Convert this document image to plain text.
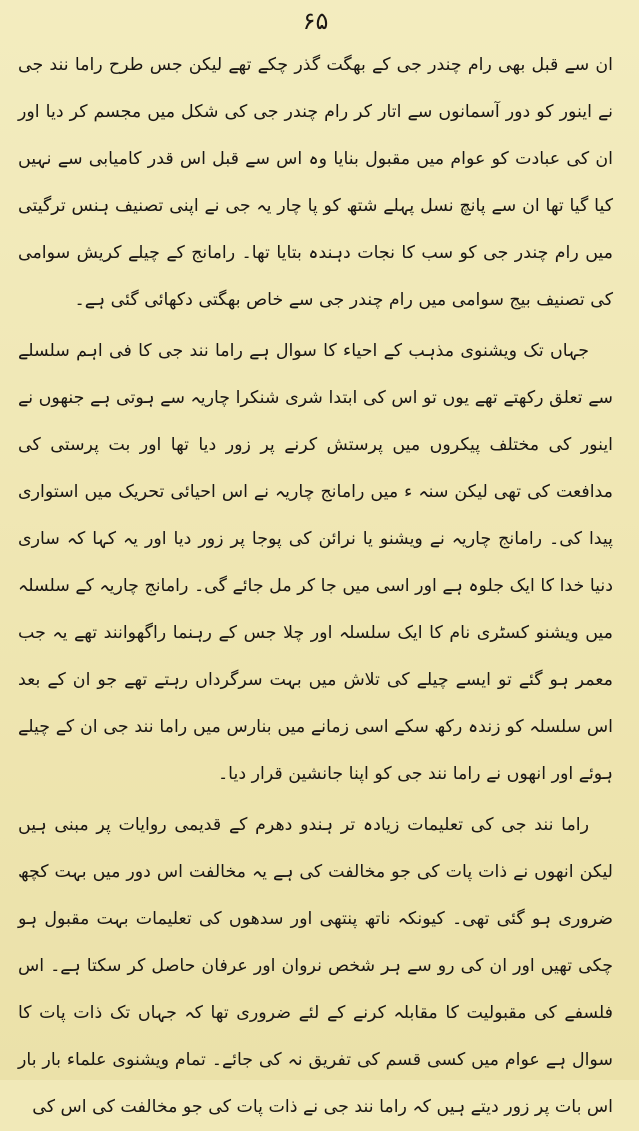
۶۵

ان سے قبل بھی رام چندر جی کے بھگت گذر چکے تھے لیکن جس طرح راما نند جی نے اینور کو دور آسمانوں سے اتار کر رام چندر جی کی شکل میں مجسم کر دیا اور ان کی عبادت کو عوام میں مقبول بنایا وہ اس سے قبل اس قدر کامیابی سے نہیں کیا گیا تھا ان سے پانچ نسل پہلے شتھ کو پا چار یہ جی نے اپنی تصنیف ہنس ترگیتی میں رام چندر جی کو سب کا نجات دہندہ بتایا تھا۔ رامانج کے چیلے کریش سوامی کی تصنیف بیج سوامی میں رام چندر جی سے خاص بھگتی دکھائی گئی ہے۔

جہاں تک ویشنوی مذہب کے احیاء کا سوال ہے راما نند جی کا فی اہم سلسلے سے تعلق رکھتے تھے یوں تو اس کی ابتدا شری شنکرا چاریہ سے ہوتی ہے جنھوں نے اینور کی مختلف پیکروں میں پرستش کرنے پر زور دیا تھا اور بت پرستی کی مدافعت کی تھی لیکن سنہ ء میں رامانج چاریہ نے اس احیائی تحریک میں استواری پیدا کی۔ رامانج چاریہ نے ویشنو یا نرائن کی پوجا پر زور دیا اور یہ کہا کہ ساری دنیا خدا کا ایک جلوہ ہے اور اسی میں جا کر مل جائے گی۔ رامانج چاریہ کے سلسلہ میں ویشنو کسٹری نام کا ایک سلسلہ اور چلا جس کے رہنما راگھوانند تھے یہ جب معمر ہو گئے تو ایسے چیلے کی تلاش میں بہت سرگرداں رہتے تھے جو ان کے بعد اس سلسلہ کو زندہ رکھ سکے اسی زمانے میں بنارس میں راما نند جی ان کے چیلے ہوئے اور انھوں نے راما نند جی کو اپنا جانشین قرار دیا۔

راما نند جی کی تعلیمات زیادہ تر ہندو دھرم کے قدیمی روایات پر مبنی ہیں لیکن انھوں نے ذات پات کی جو مخالفت کی ہے یہ مخالفت اس دور میں بہت کچھ ضروری ہو گئی تھی۔ کیونکہ ناتھ پنتھی اور سدھوں کی تعلیمات بہت مقبول ہو چکی تھیں اور ان کی رو سے ہر شخص نروان اور عرفان حاصل کر سکتا ہے۔ اس فلسفے کی مقبولیت کا مقابلہ کرنے کے لئے ضروری تھا کہ جہاں تک ذات پات کا سوال ہے عوام میں کسی قسم کی تفریق نہ کی جائے۔ تمام ویشنوی علماء بار بار اس بات پر زور دیتے ہیں کہ راما نند جی نے ذات پات کی جو مخالفت کی اس کی
